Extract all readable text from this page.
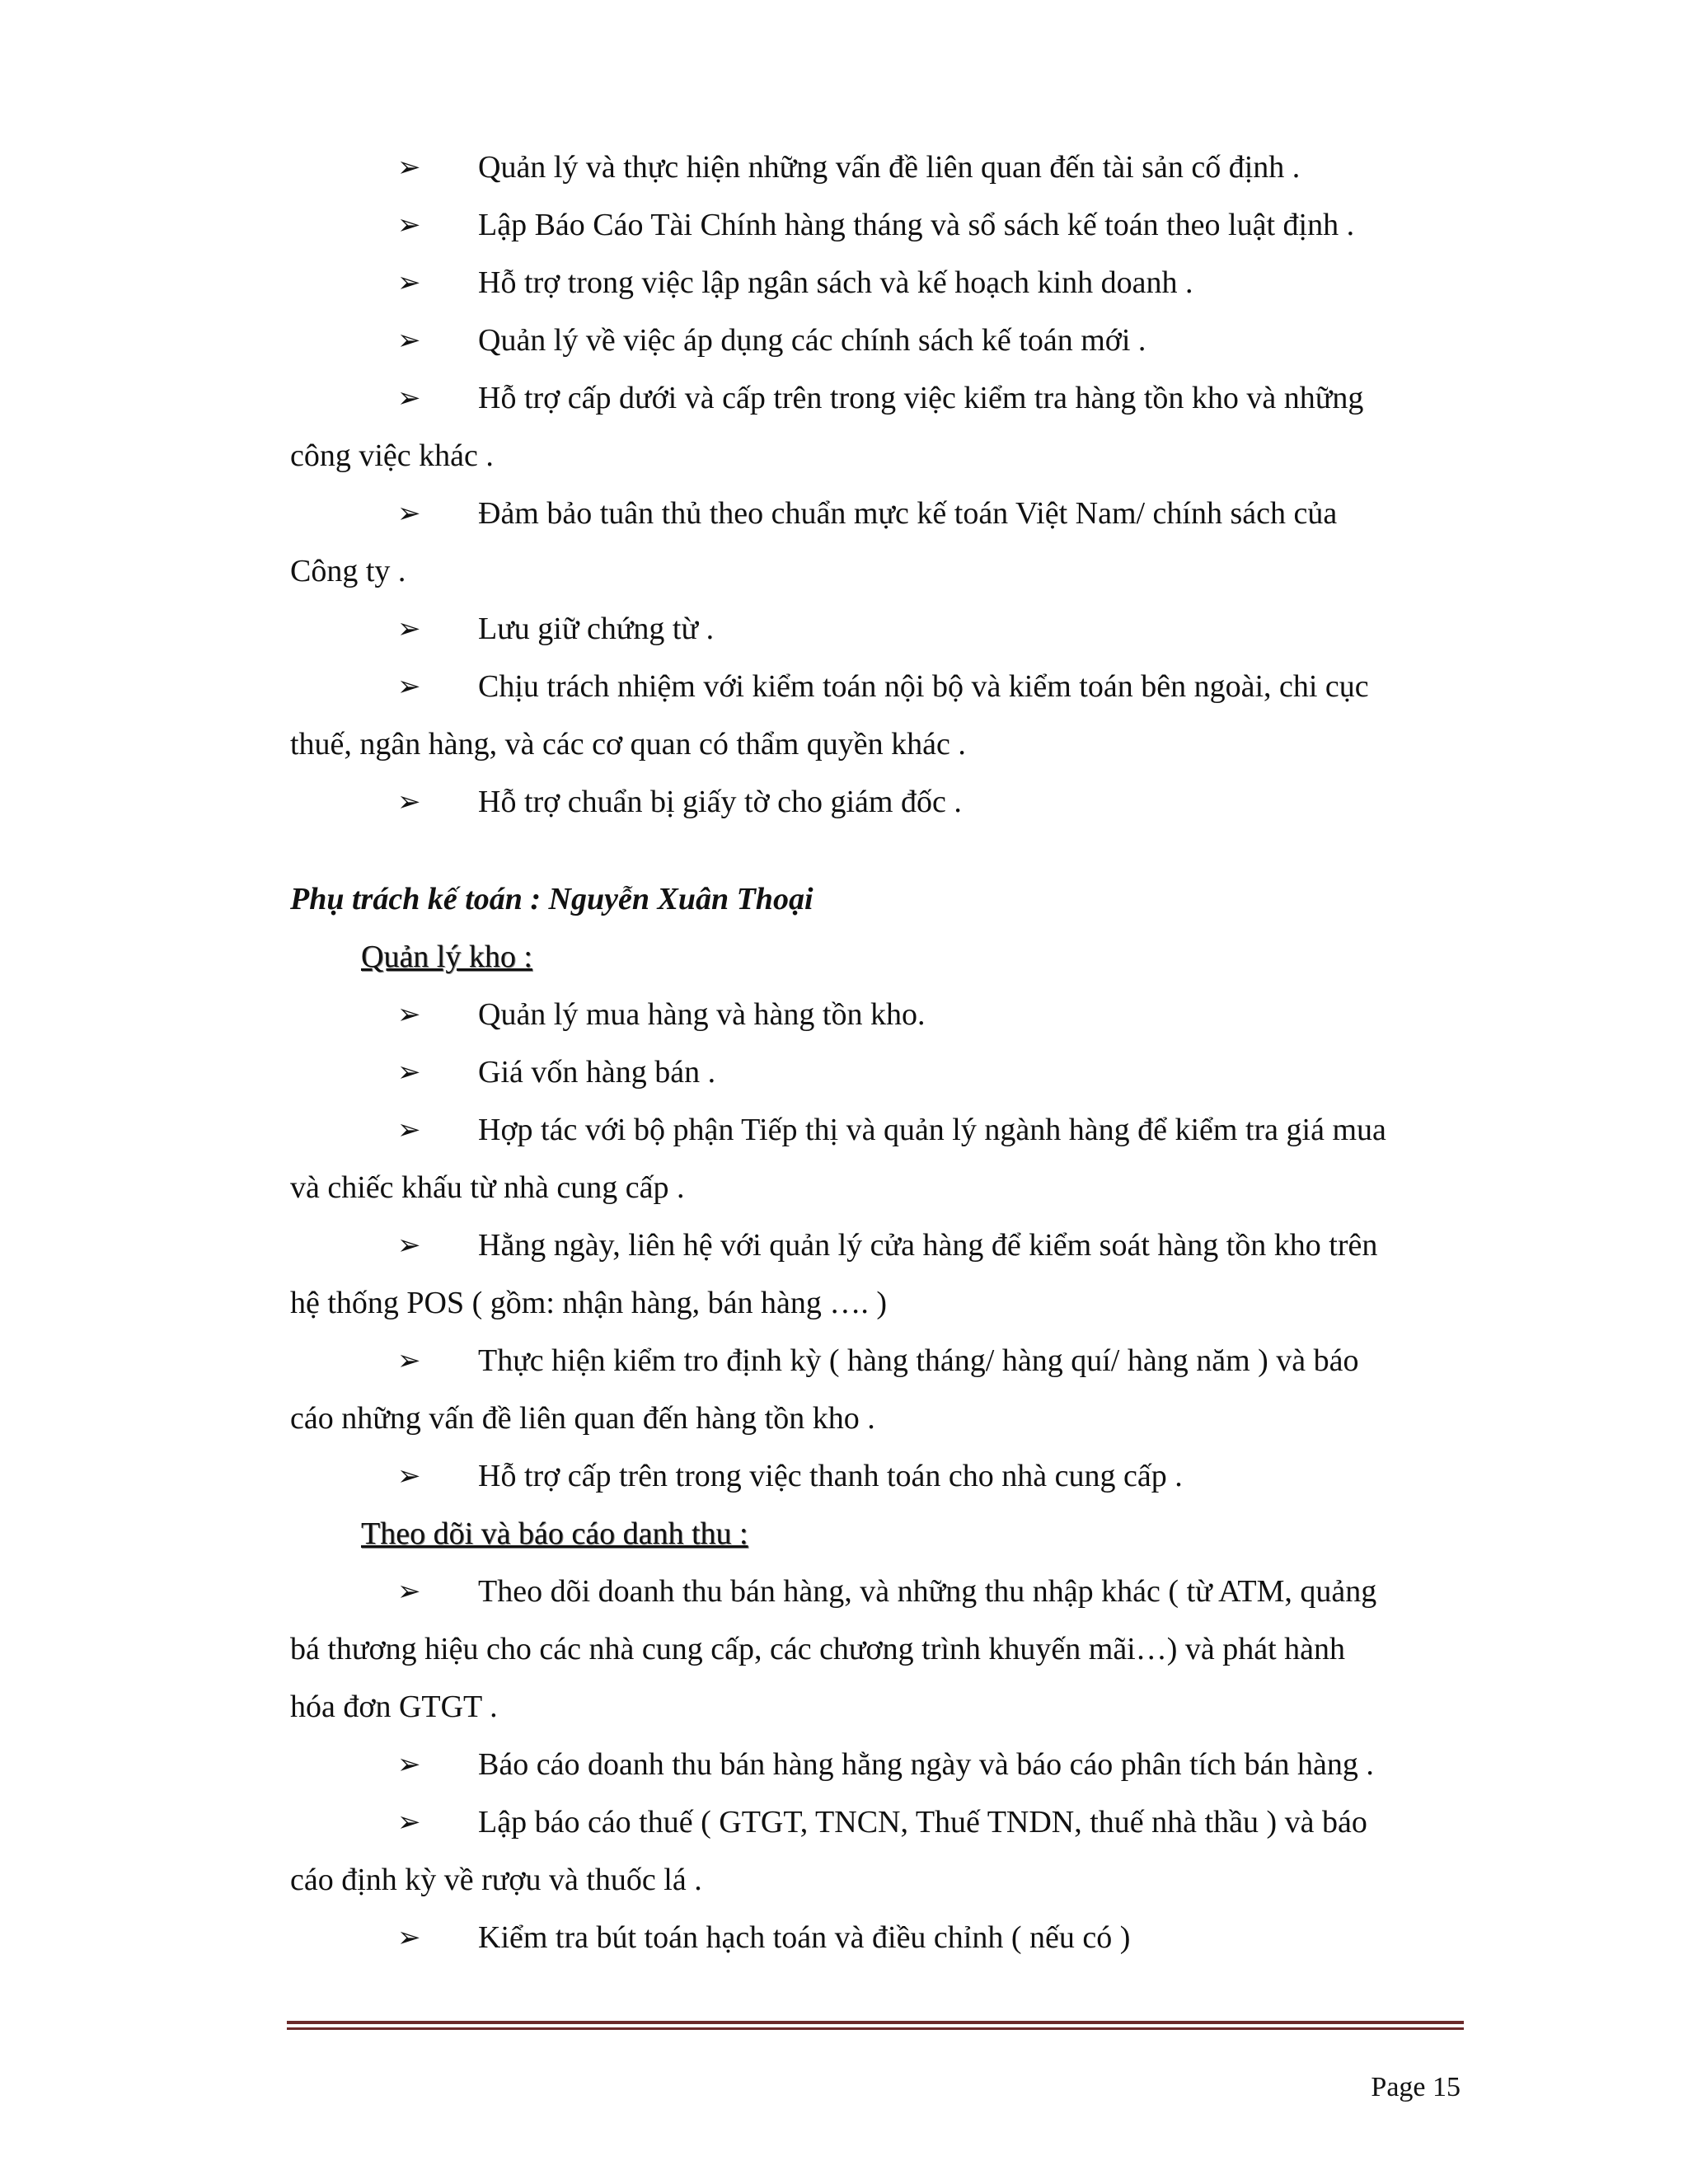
➢ Quản lý và thực hiện những vấn đề liên quan đến tài sản cố định .

➢ Lập Báo Cáo Tài Chính hàng tháng và sổ sách kế toán theo luật định .

➢ Hỗ trợ trong việc lập ngân sách và kế hoạch kinh doanh .

➢ Quản lý về việc áp dụng các chính sách kế toán mới .

➢ Hỗ trợ cấp dưới và cấp trên trong việc kiểm tra hàng tồn kho và những
công việc khác .

➢ Đảm bảo tuân thủ theo chuẩn mực kế toán Việt Nam/ chính sách của
Công ty .

➢ Lưu giữ chứng từ .

➢ Chịu trách nhiệm với kiểm toán nội bộ và kiểm toán bên ngoài, chi cục
thuế, ngân hàng, và các cơ quan có thẩm quyền khác .

➢ Hỗ trợ chuẩn bị giấy tờ cho giám đốc .

Phụ trách kế toán : Nguyễn Xuân Thoại

Quản lý kho :

➢ Quản lý mua hàng và hàng tồn kho.

➢ Giá vốn hàng bán .

➢ Hợp tác với bộ phận Tiếp thị và quản lý ngành hàng để kiểm tra giá mua
và chiếc khấu từ nhà cung cấp .

➢ Hằng ngày, liên hệ với quản lý cửa hàng để kiểm soát hàng tồn kho trên
hệ thống POS ( gồm: nhận hàng, bán hàng …. )

➢ Thực hiện kiểm tro định kỳ ( hàng tháng/ hàng quí/ hàng năm ) và báo
cáo những vấn đề liên quan đến hàng tồn kho .

➢ Hỗ trợ cấp trên trong việc thanh toán cho nhà cung cấp .

Theo dõi và báo cáo danh thu :

➢ Theo dõi doanh thu bán hàng, và những thu nhập khác ( từ ATM, quảng
bá thương hiệu cho các nhà cung cấp, các chương trình khuyến mãi…) và phát hành
hóa đơn GTGT .

➢ Báo cáo doanh thu bán hàng hằng ngày và báo cáo phân tích bán hàng .

➢ Lập báo cáo thuế ( GTGT, TNCN, Thuế TNDN, thuế nhà thầu ) và báo
cáo định kỳ về rượu và thuốc lá .

➢ Kiểm tra bút toán hạch toán và điều chỉnh ( nếu có )

Page 15
